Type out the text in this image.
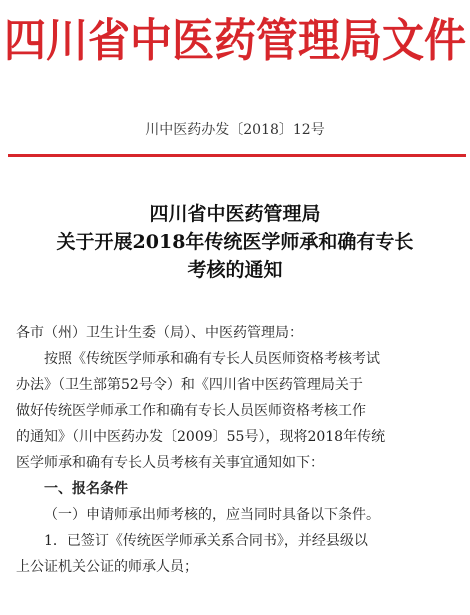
四川省中医药管理局文件
川中医药办发〔2018〕12号
四川省中医药管理局
关于开展2018年传统医学师承和确有专长
考核的通知
各市（州）卫生计生委（局）、中医药管理局：
按照《传统医学师承和确有专长人员医师资格考核考试
办法》（卫生部第52号令）和《四川省中医药管理局关于
做好传统医学师承工作和确有专长人员医师资格考核工作
的通知》（川中医药办发〔2009〕55号），现将2018年传统
医学师承和确有专长人员考核有关事宜通知如下：
一、报名条件
（一）申请师承出师考核的，应当同时具备以下条件。
1．已签订《传统医学师承关系合同书》，并经县级以
上公证机关公证的师承人员；
